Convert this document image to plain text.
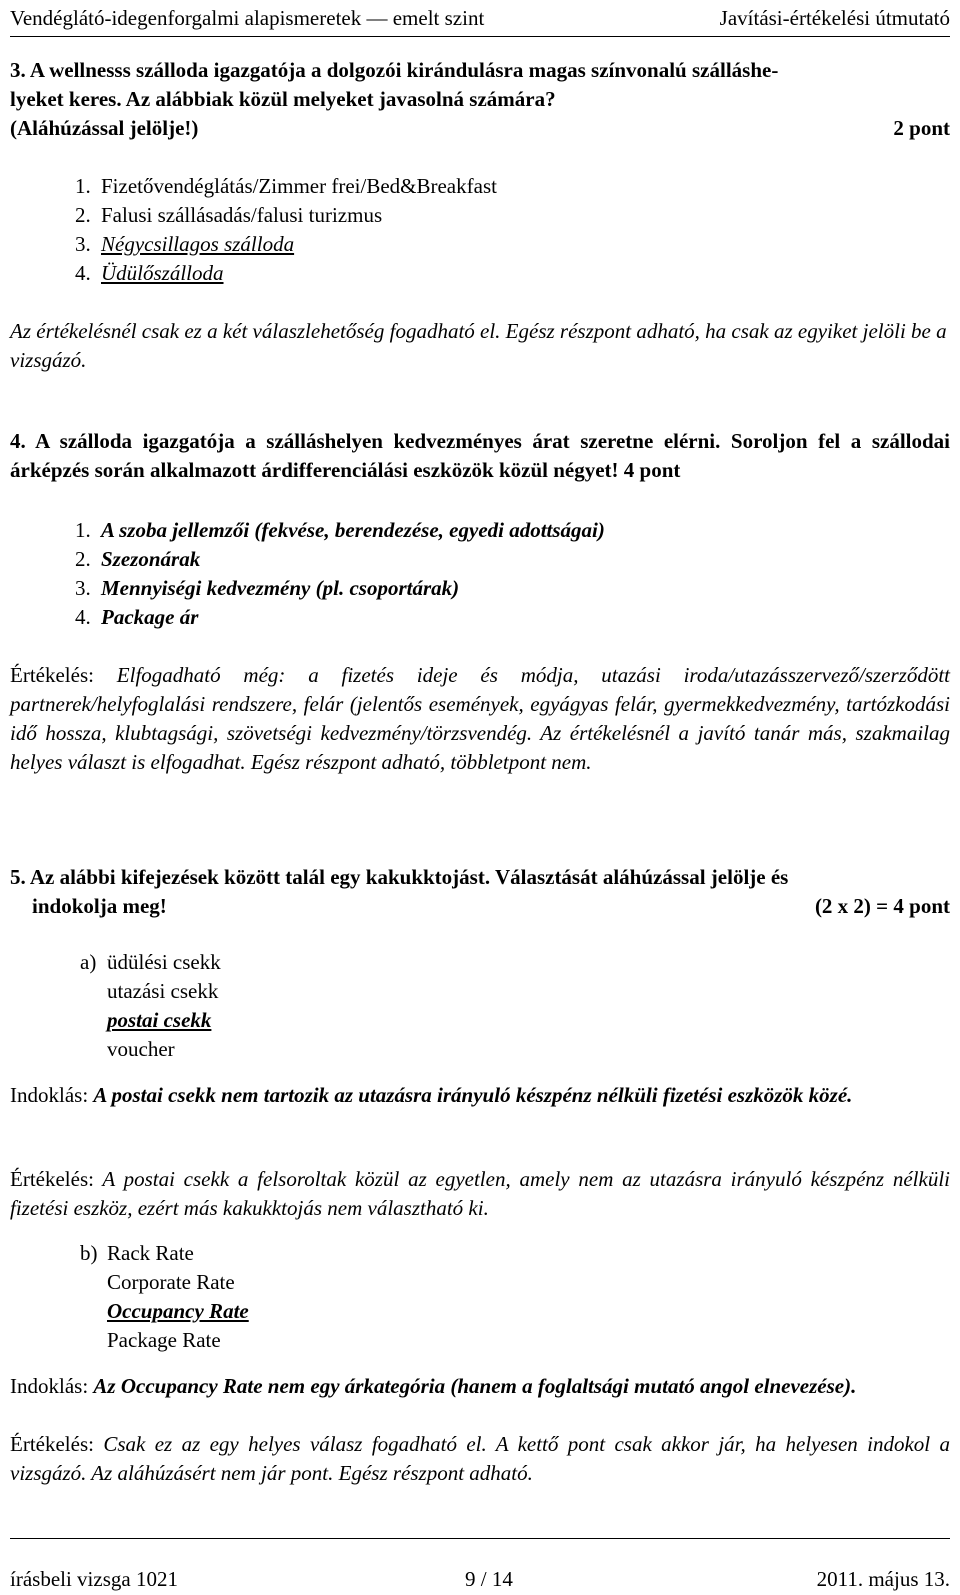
Vendéglátó-idegenforgalmi alapismeretek — emelt szint	Javítási-értékelési útmutató
3. A wellnesss szálloda igazgatója a dolgozói kirándulásra magas színvonalú szálláshe-
lyeket keres. Az alábbiak közül melyeket javasolná számára?
(Aláhúzással jelölje!)	2 pont
1. Fizetővendéglátás/Zimmer frei/Bed&Breakfast
2. Falusi szállásadás/falusi turizmus
3. Négycsillagos szálloda
4. Üdülőszálloda
Az értékelésnél csak ez a két válaszlehetőség fogadható el. Egész részpont adható, ha csak az egyiket jelöli be a vizsgázó.
4. A szálloda igazgatója a szálláshelyen kedvezményes árat szeretne elérni. Soroljon fel a szállodai árképzés során alkalmazott árdifferenciálási eszközök közül négyet! 4 pont
1. A szoba jellemzői (fekvése, berendezése, egyedi adottságai)
2. Szezonárak
3. Mennyiségi kedvezmény (pl. csoportárak)
4. Package ár
Értékelés: Elfogadható még: a fizetés ideje és módja, utazási iroda/utazásszervező/szerződött partnerek/helyfoglalási rendszere, felár (jelentős események, egyágyas felár, gyermekkedvezmény, tartózkodási idő hossza, klubtagsági, szövetségi kedvezmény/törzsvendég. Az értékelésnél a javító tanár más, szakmailag helyes választ is elfogadhat. Egész részpont adható, többletpont nem.
5. Az alábbi kifejezések között talál egy kakukktojást. Választását aláhúzással jelölje és
indokolja meg!	(2 x 2) = 4 pont
a) üdülési csekk
utazási csekk
postai csekk
voucher
Indoklás: A postai csekk nem tartozik az utazásra irányuló készpénz nélküli fizetési eszközök közé.
Értékelés: A postai csekk a felsoroltak közül az egyetlen, amely nem az utazásra irányuló készpénz nélküli fizetési eszköz, ezért más kakukktojás nem választható ki.
b) Rack Rate
Corporate Rate
Occupancy Rate
Package Rate
Indoklás: Az Occupancy Rate nem egy árkategória (hanem a foglaltsági mutató angol elnevezése).
Értékelés: Csak ez az egy helyes válasz fogadható el. A kettő pont csak akkor jár, ha helyesen indokol a vizsgázó. Az aláhúzásért nem jár pont. Egész részpont adható.
írásbeli vizsga 1021	9 / 14	2011. május 13.
